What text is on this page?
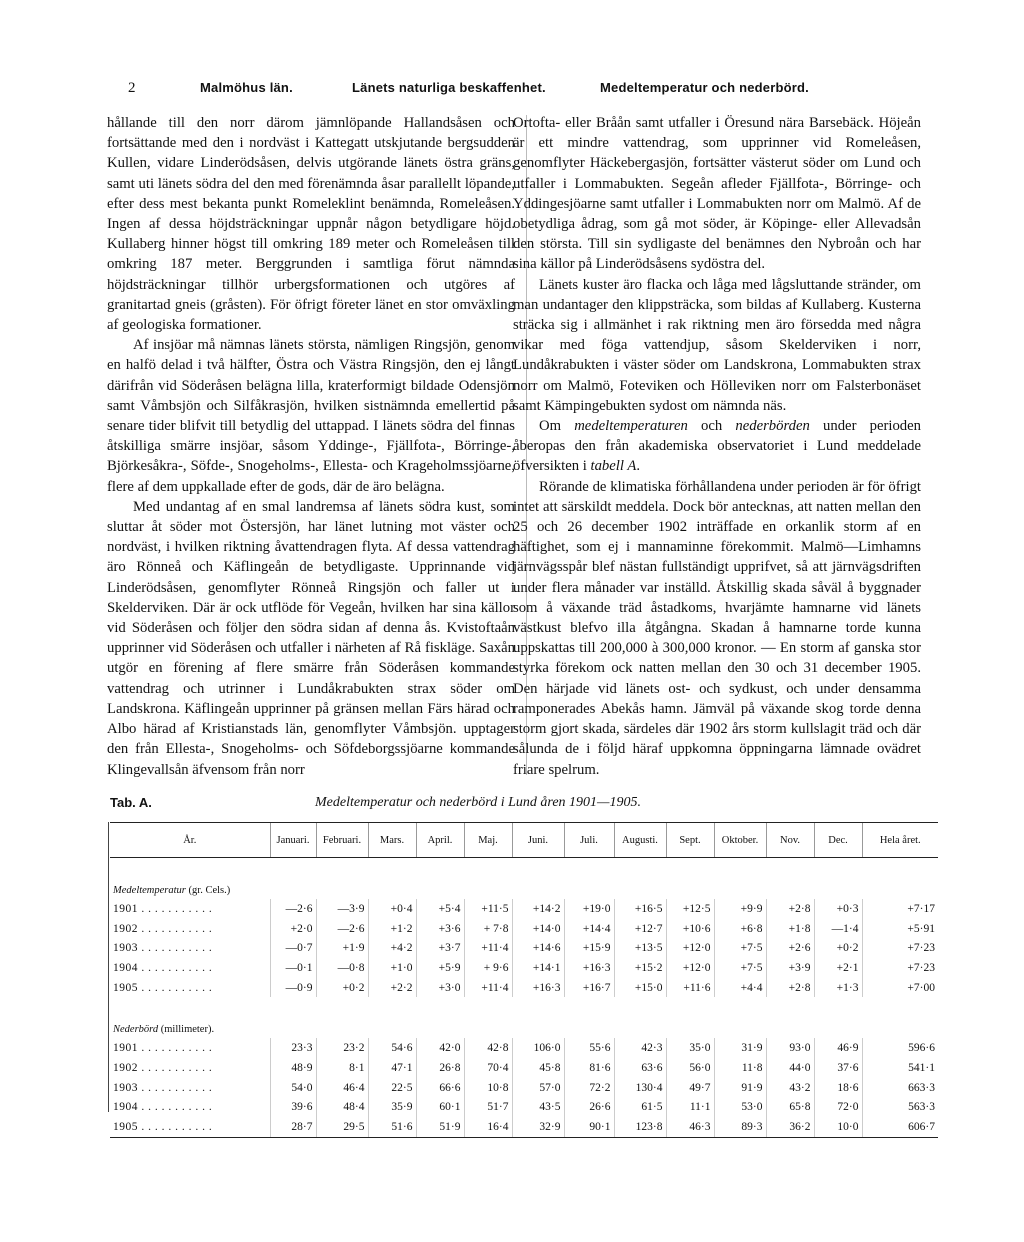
2	Malmöhus län.	Länets naturliga beskaffenhet.	Medeltemperatur och nederbörd.

hållande till den norr därom jämnlöpande Hallandsåsen och fortsättande med den i nordväst i Kattegatt utskjutande bergsudden Kullen, vidare Linderödsåsen, delvis utgörande länets östra gräns, samt uti länets södra del den med förenämnda åsar parallellt löpande, efter dess mest bekanta punkt Romeleklint benämnda, Romeleåsen. Ingen af dessa höjdsträckningar uppnår någon betydligare höjd. Kullaberg hinner högst till omkring 189 meter och Romeleåsen till omkring 187 meter. Berggrunden i samtliga förut nämnda höjdsträckningar tillhör urbergsformationen och utgöres af granitartad gneis (gråsten). För öfrigt företer länet en stor omväxling af geologiska formationer.

Af insjöar må nämnas länets största, nämligen Ringsjön, genom en halfö delad i två hälfter, Östra och Västra Ringsjön, den ej långt därifrån vid Söderåsen belägna lilla, kraterformigt bildade Odensjön samt Våmbsjön och Silfåkrasjön, hvilken sistnämnda emellertid på senare tider blifvit till betydlig del uttappad. I länets södra del finnas åtskilliga smärre insjöar, såsom Yddinge-, Fjällfota-, Börringe-, Björkesåkra-, Söfde-, Snogeholms-, Ellesta- och Krageholmssjöarne, flere af dem uppkallade efter de gods, där de äro belägna.

Med undantag af en smal landremsa af länets södra kust, som sluttar åt söder mot Östersjön, har länet lutning mot väster och nordväst, i hvilken riktning åvattendragen flyta. Af dessa vattendrag äro Rönneå och Käflingeån de betydligaste. Upprinnande vid Linderödsåsen, genomflyter Rönneå Ringsjön och faller ut i Skelderviken. Där är ock utflöde för Vegeån, hvilken har sina källor vid Söderåsen och följer den södra sidan af denna ås. Kvistoftaån upprinner vid Söderåsen och utfaller i närheten af Rå fiskläge. Saxån utgör en förening af flere smärre från Söderåsen kommande vattendrag och utrinner i Lundåkrabukten strax söder om Landskrona. Käflingeån upprinner på gränsen mellan Färs härad och Albo härad af Kristianstads län, genomflyter Våmbsjön. upptager den från Ellesta-, Snogeholms- och Söfdeborgssjöarne kommande Klingevallsån äfvensom från norr

Ortofta- eller Bråån samt utfaller i Öresund nära Barsebäck. Höjeån är ett mindre vattendrag, som upprinner vid Romeleåsen, genomflyter Häckebergasjön, fortsätter västerut söder om Lund och utfaller i Lommabukten. Segeån afleder Fjällfota-, Börringe- och Yddingesjöarne samt utfaller i Lommabukten norr om Malmö. Af de obetydliga ådrag, som gå mot söder, är Köpinge- eller Allevadsån den största. Till sin sydligaste del benämnes den Nybroån och har sina källor på Linderödsåsens sydöstra del.

Länets kuster äro flacka och låga med lågsluttande stränder, om man undantager den klippsträcka, som bildas af Kullaberg. Kusterna sträcka sig i allmänhet i rak riktning men äro försedda med några vikar med föga vattendjup, såsom Skelderviken i norr, Lundåkrabukten i väster söder om Landskrona, Lommabukten strax norr om Malmö, Foteviken och Hölleviken norr om Falsterbonäset samt Kämpingebukten sydost om nämnda näs.

Om medeltemperaturen och nederbörden under perioden åberopas den från akademiska observatoriet i Lund meddelade öfversikten i tabell A.

Rörande de klimatiska förhållandena under perioden är för öfrigt intet att särskildt meddela. Dock bör antecknas, att natten mellan den 25 och 26 december 1902 inträffade en orkanlik storm af en häftighet, som ej i mannaminne förekommit. Malmö—Limhamns järnvägsspår blef nästan fullständigt upprifvet, så att järnvägsdriften under flera månader var inställd. Åtskillig skada såväl å byggnader som å växande träd åstadkoms, hvarjämte hamnarne vid länets västkust blefvo illa åtgångna. Skadan å hamnarne torde kunna uppskattas till 200,000 à 300,000 kronor. — En storm af ganska stor styrka förekom ock natten mellan den 30 och 31 december 1905. Den härjade vid länets ost- och sydkust, och under densamma ramponerades Abekås hamn. Jämväl på växande skog torde denna storm gjort skada, särdeles där 1902 års storm kullslagit träd och där sålunda de i följd häraf uppkomna öppningarna lämnade ovädret friare spelrum.

Tab. A.	Medeltemperatur och nederbörd i Lund åren 1901—1905.
År.	Januari.	Februari.	Mars.	April.	Maj.	Juni.	Juli.	Augusti.	Sept.	Oktober.	Nov.	Dec.	Hela året.
Medeltemperatur (gr. Cels.)													
1901 . . . . . . . . . . .	—2·6	—3·9	+0·4	+5·4	+11·5	+14·2	+19·0	+16·5	+12·5	+9·9	+2·8	+0·3	+7·17
1902 . . . . . . . . . . .	+2·0	—2·6	+1·2	+3·6	+ 7·8	+14·0	+14·4	+12·7	+10·6	+6·8	+1·8	—1·4	+5·91
1903 . . . . . . . . . . .	—0·7	+1·9	+4·2	+3·7	+11·4	+14·6	+15·9	+13·5	+12·0	+7·5	+2·6	+0·2	+7·23
1904 . . . . . . . . . . .	—0·1	—0·8	+1·0	+5·9	+ 9·6	+14·1	+16·3	+15·2	+12·0	+7·5	+3·9	+2·1	+7·23
1905 . . . . . . . . . . .	—0·9	+0·2	+2·2	+3·0	+11·4	+16·3	+16·7	+15·0	+11·6	+4·4	+2·8	+1·3	+7·00
Nederbörd (millimeter).													
1901 . . . . . . . . . . .	23·3	23·2	54·6	42·0	42·8	106·0	55·6	42·3	35·0	31·9	93·0	46·9	596·6
1902 . . . . . . . . . . .	48·9	8·1	47·1	26·8	70·4	45·8	81·6	63·6	56·0	11·8	44·0	37·6	541·1
1903 . . . . . . . . . . .	54·0	46·4	22·5	66·6	10·8	57·0	72·2	130·4	49·7	91·9	43·2	18·6	663·3
1904 . . . . . . . . . . .	39·6	48·4	35·9	60·1	51·7	43·5	26·6	61·5	11·1	53·0	65·8	72·0	563·3
1905 . . . . . . . . . . .	28·7	29·5	51·6	51·9	16·4	32·9	90·1	123·8	46·3	89·3	36·2	10·0	606·7
